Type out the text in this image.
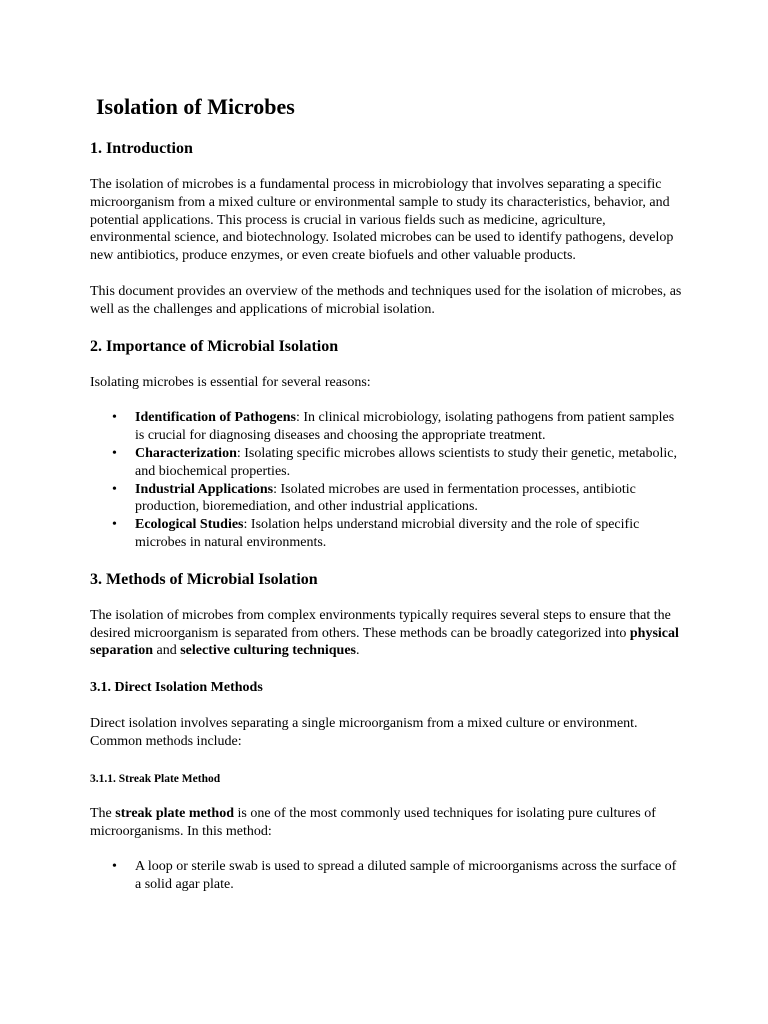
Isolation of Microbes
1. Introduction

The isolation of microbes is a fundamental process in microbiology that involves separating a specific microorganism from a mixed culture or environmental sample to study its characteristics, behavior, and potential applications. This process is crucial in various fields such as medicine, agriculture, environmental science, and biotechnology. Isolated microbes can be used to identify pathogens, develop new antibiotics, produce enzymes, or even create biofuels and other valuable products.

This document provides an overview of the methods and techniques used for the isolation of microbes, as well as the challenges and applications of microbial isolation.

2. Importance of Microbial Isolation

Isolating microbes is essential for several reasons:

• Identification of Pathogens: In clinical microbiology, isolating pathogens from patient samples is crucial for diagnosing diseases and choosing the appropriate treatment.
• Characterization: Isolating specific microbes allows scientists to study their genetic, metabolic, and biochemical properties.
• Industrial Applications: Isolated microbes are used in fermentation processes, antibiotic production, bioremediation, and other industrial applications.
• Ecological Studies: Isolation helps understand microbial diversity and the role of specific microbes in natural environments.
3. Methods of Microbial Isolation

The isolation of microbes from complex environments typically requires several steps to ensure that the desired microorganism is separated from others. These methods can be broadly categorized into physical separation and selective culturing techniques.

3.1. Direct Isolation Methods

Direct isolation involves separating a single microorganism from a mixed culture or environment. Common methods include:

3.1.1. Streak Plate Method

The streak plate method is one of the most commonly used techniques for isolating pure cultures of microorganisms. In this method:

• A loop or sterile swab is used to spread a diluted sample of microorganisms across the surface of a solid agar plate.
